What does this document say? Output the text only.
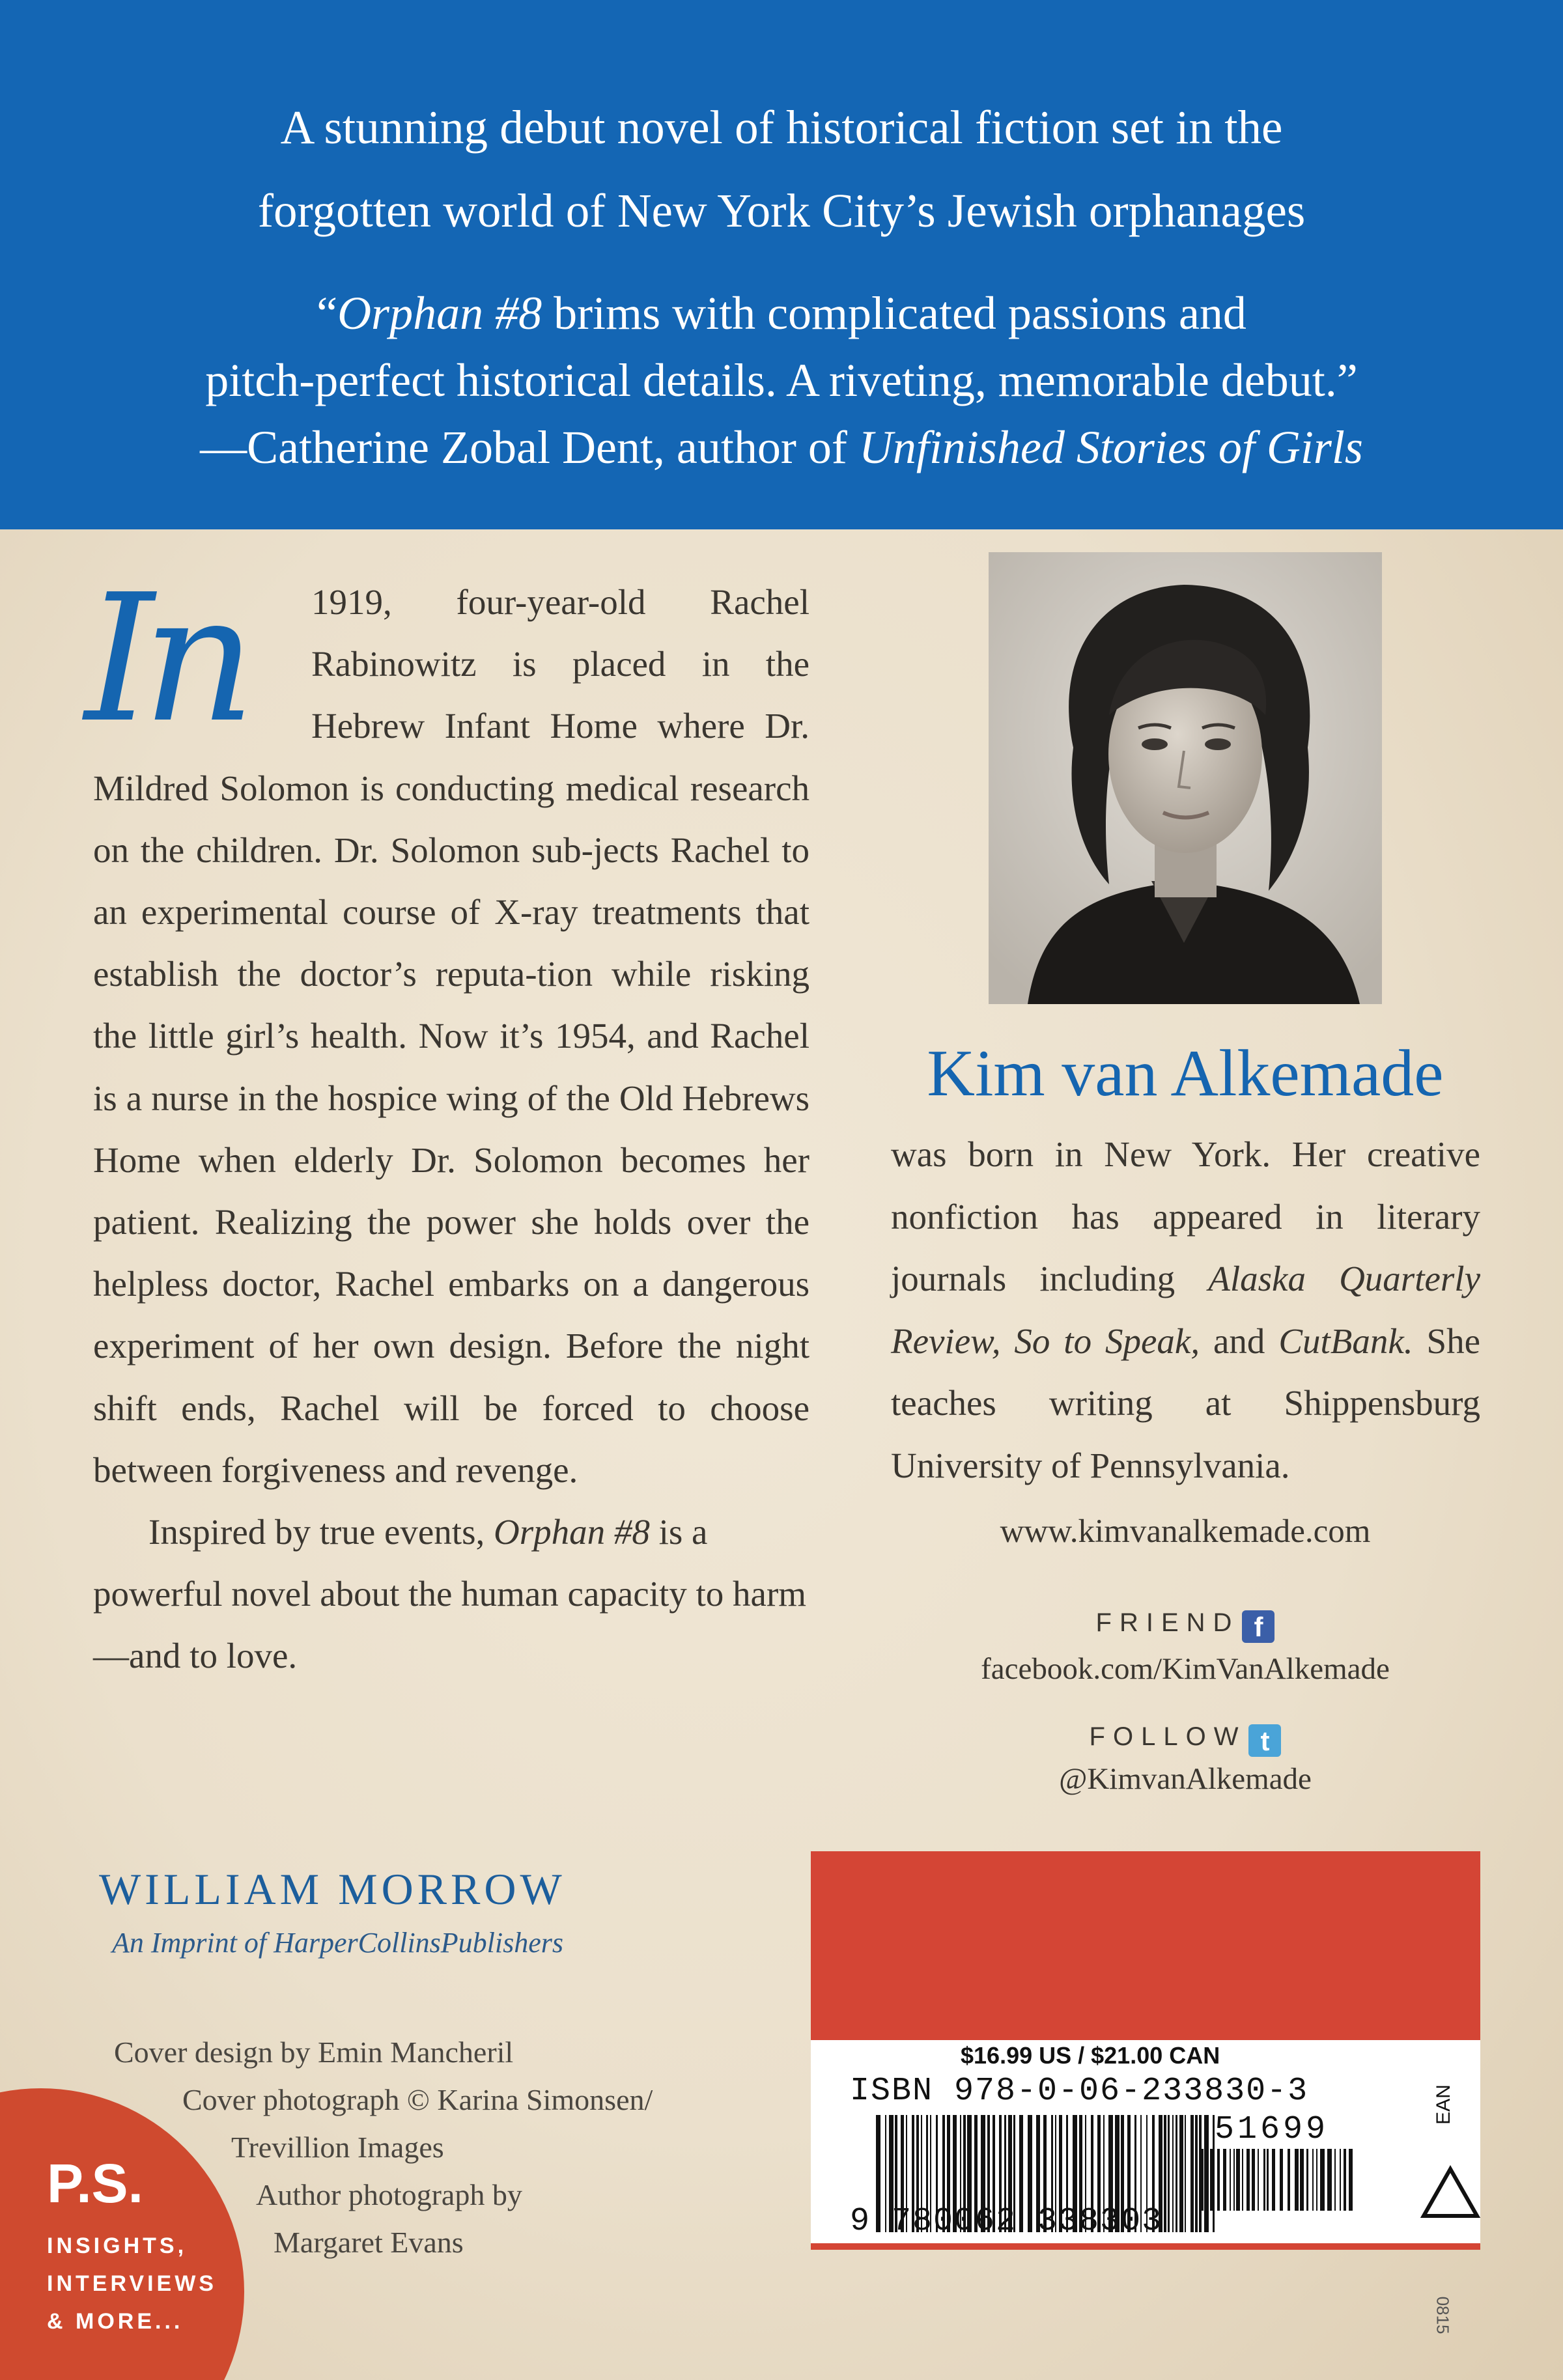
A stunning debut novel of historical fiction set in the
forgotten world of New York City’s Jewish orphanages
“Orphan #8 brims with complicated passions and
pitch-perfect historical details. A riveting, memorable debut.”
—Catherine Zobal Dent, author of Unfinished Stories of Girls
In	1919, four-year-old Rachel Rabinowitz is placed in the Hebrew Infant Home where Dr. Mildred Solomon is conducting medical research on the children. Dr. Solomon sub-jects Rachel to an experimental course of X-ray treatments that establish the doctor’s reputa-tion while risking the little girl’s health. Now it’s 1954, and Rachel is a nurse in the hospice wing of the Old Hebrews Home when elderly Dr. Solomon becomes her patient. Realizing the power she holds over the helpless doctor, Rachel embarks on a dangerous experiment of her own design. Before the night shift ends, Rachel will be forced to choose between forgiveness and revenge.

Inspired by true events, Orphan #8 is a powerful novel about the human capacity to harm—and to love.

WILLIAM MORROW
An Imprint of HarperCollinsPublishers
Cover design by Emin Mancheril
Cover photograph © Karina Simonsen/
Trevillion Images
Author photograph by
Margaret Evans
P.S.
INSIGHTS,
INTERVIEWS
& MORE...
Kim van Alkemade
was born in New York. Her creative nonfiction has appeared in literary journals including Alaska Quarterly Review, So to Speak, and CutBank. She teaches writing at Shippensburg University of Pennsylvania.
www.kimvanalkemade.com
FRIEND f
facebook.com/KimVanAlkemade
FOLLOW t
@KimvanAlkemade
$16.99 US / $21.00 CAN
ISBN 978-0-06-233830-3	EAN
51699
9 780062 338303
0815
